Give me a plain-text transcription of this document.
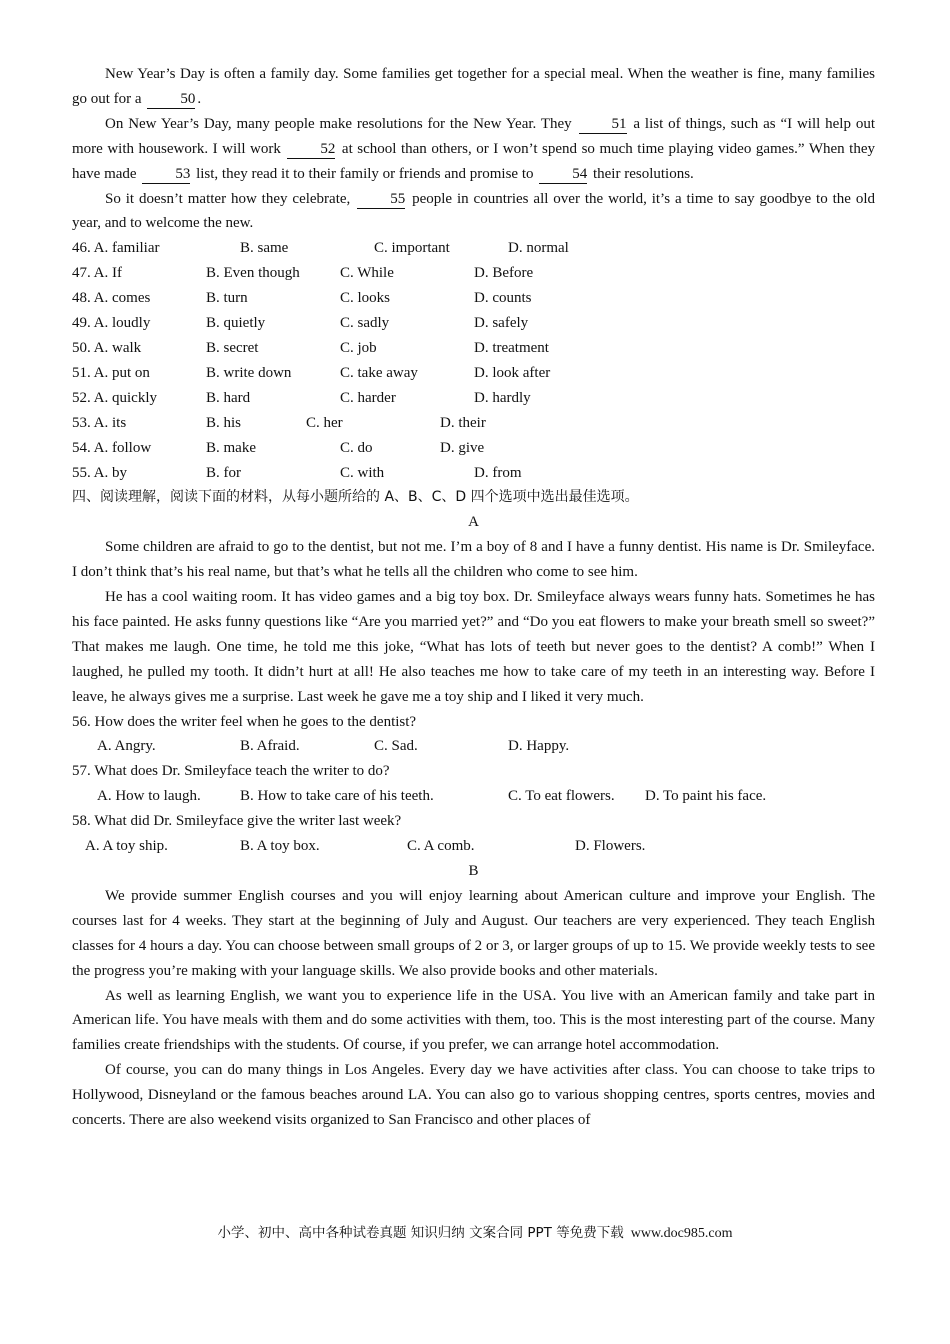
New Year’s Day is often a family day. Some families get together for a special meal. When the weather is fine, many families go out for a	50 .

On New Year’s Day, many people make resolutions for the New Year. They	51 a list of things, such as “I will help out more with housework. I will work	52 at school than others, or I won’t spend so much time playing video games.” When they have made	53 list, they read it to their family or friends and promise to	54 their resolutions.

So it doesn’t matter how they celebrate,	55 people in countries all over the world, it’s a time to say goodbye to the old year, and to welcome the new.

46. A. familiar	B. same	C. important	D. normal
47. A. If	B. Even though	C. While	D. Before
48. A. comes	B. turn	C. looks	D. counts
49. A. loudly	B. quietly	C. sadly	D. safely
50. A. walk	B. secret	C. job	D. treatment
51. A. put on	B. write down	C. take away	D. look after
52. A. quickly	B. hard	C. harder	D. hardly
53. A. its	B. his	C. her	D. their
54. A. follow	B. make	C. do	D. give
55. A. by	B. for	C. with	D. from

四、阅读理解，阅读下面的材料，从每小题所给的 A、B、C、D 四个选项中选出最佳选项。

A

Some children are afraid to go to the dentist, but not me. I’m a boy of 8 and I have a funny dentist. His name is Dr. Smileyface. I don’t think that’s his real name, but that’s what he tells all the children who come to see him.

He has a cool waiting room. It has video games and a big toy box. Dr. Smileyface always wears funny hats. Sometimes he has his face painted. He asks funny questions like “Are you married yet?” and “Do you eat flowers to make your breath smell so sweet?” That makes me laugh. One time, he told me this joke, “What has lots of teeth but never goes to the dentist? A comb!” When I laughed, he pulled my tooth. It didn’t hurt at all! He also teaches me how to take care of my teeth in an interesting way. Before I leave, he always gives me a surprise. Last week he gave me a toy ship and I liked it very much.

56. How does the writer feel when he goes to the dentist?

A. Angry.	B. Afraid.	C. Sad.	D. Happy.

57. What does Dr. Smileyface teach the writer to do?

A. How to laugh.	B. How to take care of his teeth.	C. To eat flowers.	D. To paint his face.

58. What did Dr. Smileyface give the writer last week?

A. A toy ship.	B. A toy box.	C. A comb.	D. Flowers.

B

We provide summer English courses and you will enjoy learning about American culture and improve your English. The courses last for 4 weeks. They start at the beginning of July and August. Our teachers are very experienced. They teach English classes for 4 hours a day. You can choose between small groups of 2 or 3, or larger groups of up to 15. We provide weekly tests to see the progress you’re making with your language skills. We also provide books and other materials.

As well as learning English, we want you to experience life in the USA. You live with an American family and take part in American life. You have meals with them and do some activities with them, too. This is the most interesting part of the course. Many families create friendships with the students. Of course, if you prefer, we can arrange hotel accommodation.

Of course, you can do many things in Los Angeles. Every day we have activities after class. You can choose to take trips to Hollywood, Disneyland or the famous beaches around LA. You can also go to various shopping centres, sports centres, movies and concerts. There are also weekend visits organized to San Francisco and other places of

小学、初中、高中各种试卷真题 知识归纳 文案合同 PPT 等免费下载 www.doc985.com
